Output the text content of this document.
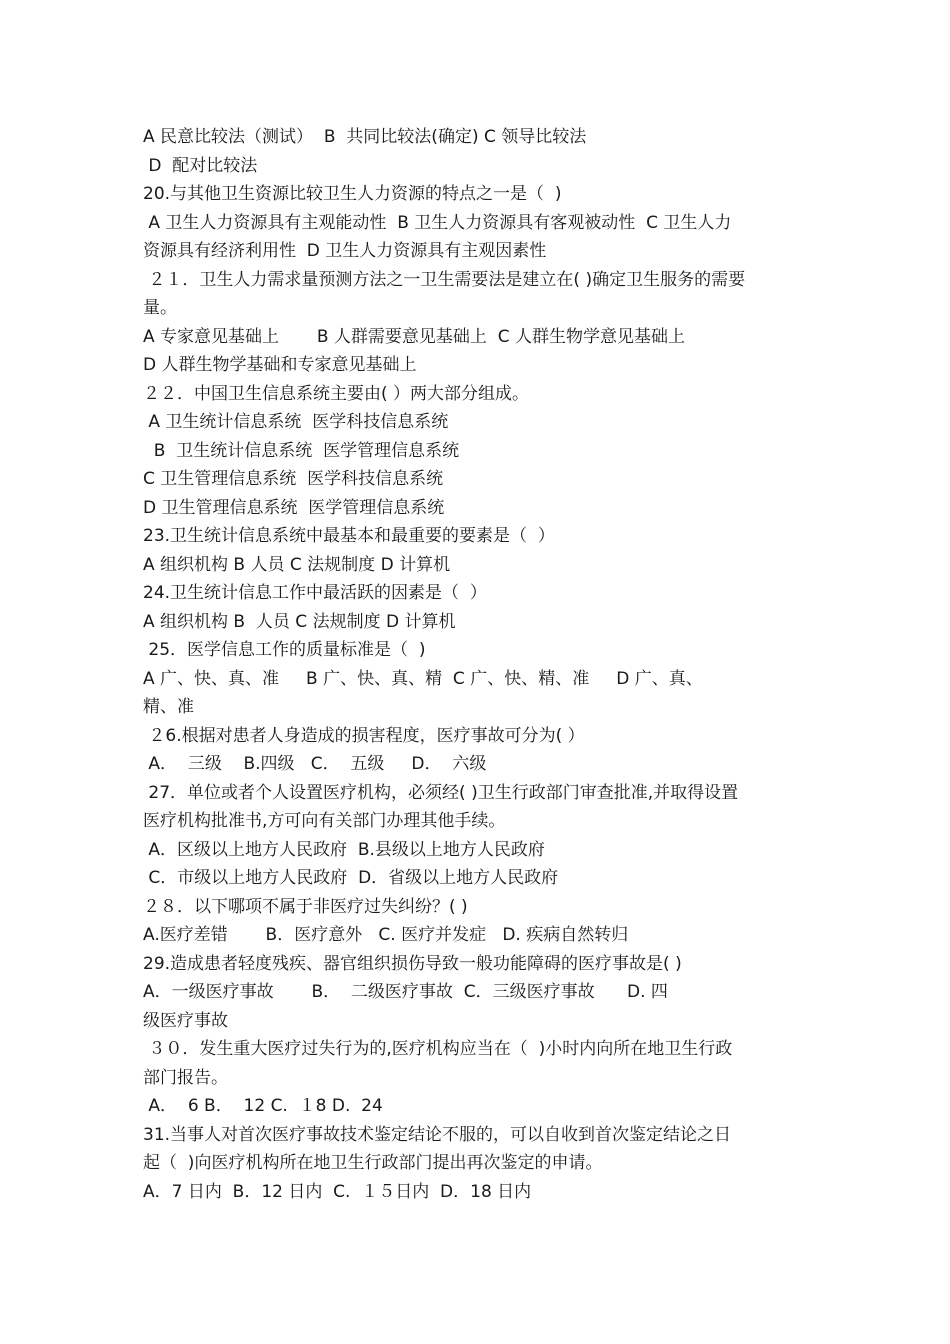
A 民意比较法（测试）  B  共同比较法(确定) C 领导比较法
D  配对比较法
20.与其他卫生资源比较卫生人力资源的特点之一是（  )
A 卫生人力资源具有主观能动性  B 卫生人力资源具有客观被动性  C 卫生人力
资源具有经济利用性  D 卫生人力资源具有主观因素性
２１．卫生人力需求量预测方法之一卫生需要法是建立在( )确定卫生服务的需要
量。
A 专家意见基础上       B 人群需要意见基础上  C 人群生物学意见基础上
D 人群生物学基础和专家意见基础上
２２．中国卫生信息系统主要由( ）两大部分组成。
A 卫生统计信息系统  医学科技信息系统
B  卫生统计信息系统  医学管理信息系统
C 卫生管理信息系统  医学科技信息系统
D 卫生管理信息系统  医学管理信息系统
23.卫生统计信息系统中最基本和最重要的要素是（  ）
A 组织机构 B 人员 C 法规制度 D 计算机
24.卫生统计信息工作中最活跃的因素是（  ）
A 组织机构 B  人员 C 法规制度 D 计算机
25．医学信息工作的质量标准是（  )
A 广、快、真、准     B 广、快、真、精  C 广、快、精、准     D 广、真、
精、准
２6.根据对患者人身造成的损害程度，医疗事故可分为( ）
A．  三级    B.四级   C．  五级     D．  六级
27．单位或者个人设置医疗机构，必须经( )卫生行政部门审查批准,并取得设置
医疗机构批准书,方可向有关部门办理其他手续。
A．区级以上地方人民政府  B.县级以上地方人民政府
C．市级以上地方人民政府  D．省级以上地方人民政府
２８．以下哪项不属于非医疗过失纠纷？( )
A.医疗差错       B．医疗意外   C. 医疗并发症   D. 疾病自然转归
29.造成患者轻度残疾、器官组织损伤导致一般功能障碍的医疗事故是( )
A．一级医疗事故       B．  二级医疗事故  C．三级医疗事故      D. 四
级医疗事故
３０．发生重大医疗过失行为的,医疗机构应当在（  )小时内向所在地卫生行政
部门报告。
A．  6 B．  12 C.  １8 D.  24
31.当事人对首次医疗事故技术鉴定结论不服的，可以自收到首次鉴定结论之日
起（  )向医疗机构所在地卫生行政部门提出再次鉴定的申请。
A．7 日内  B．12 日内  C.  １５日内  D．18 日内
